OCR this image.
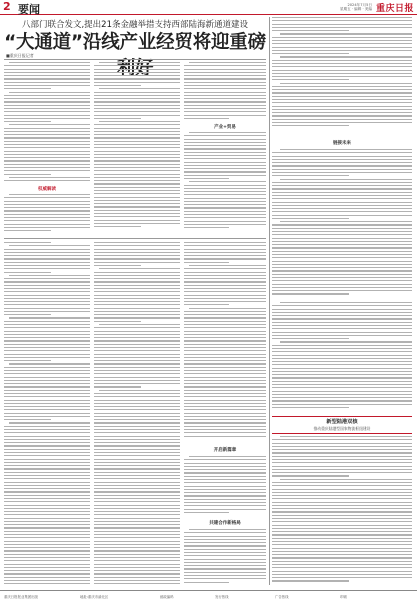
2 要闻	2024年7月5日
星期五 · 编辑 · 美编 重庆日报
八部门联合发文,提出21条金融举措支持西部陆海新通道建设
“大通道”沿线产业经贸将迎重磅
■重庆日报记者
权威解读
产业+贸易
链接未来
开启新篇章
共建合作新格局
新型陆港双核
推动重庆陆港型国家物流枢纽建设
重庆日报报业集团出版	地址:重庆市渝北区	邮政编码	发行热线	广告热线	印刷
